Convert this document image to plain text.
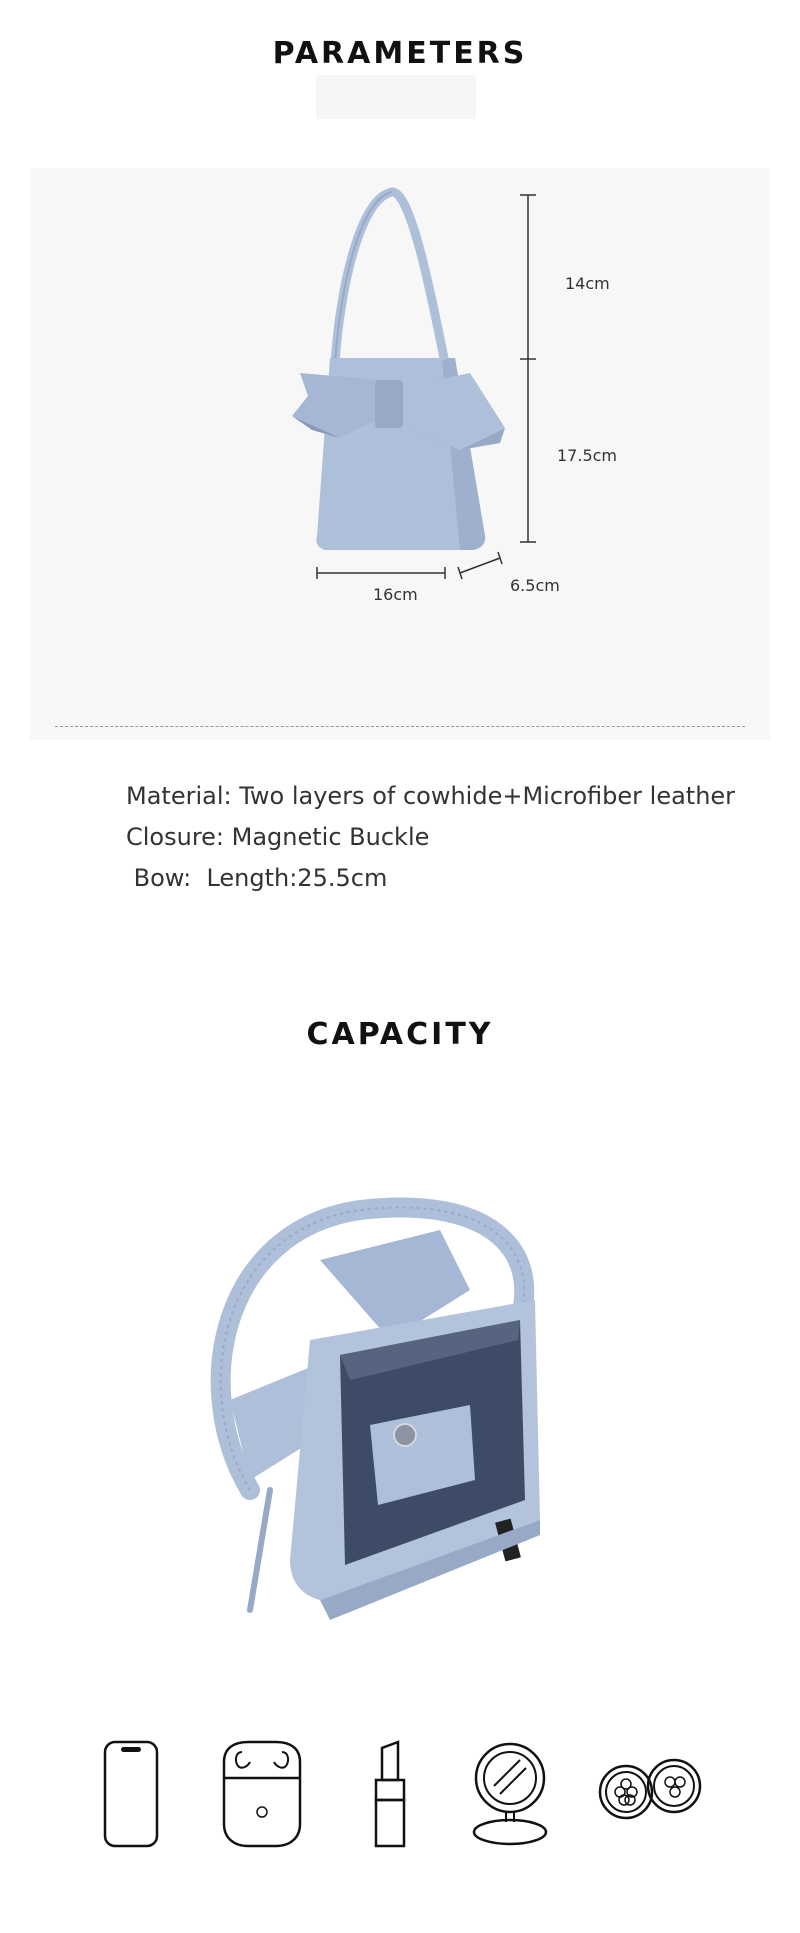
PARAMETERS
14cm
17.5cm
16cm	6.5cm
Material: Two layers of cowhide+Microfiber leather
Closure: Magnetic Buckle
Bow:  Length:25.5cm
CAPACITY
